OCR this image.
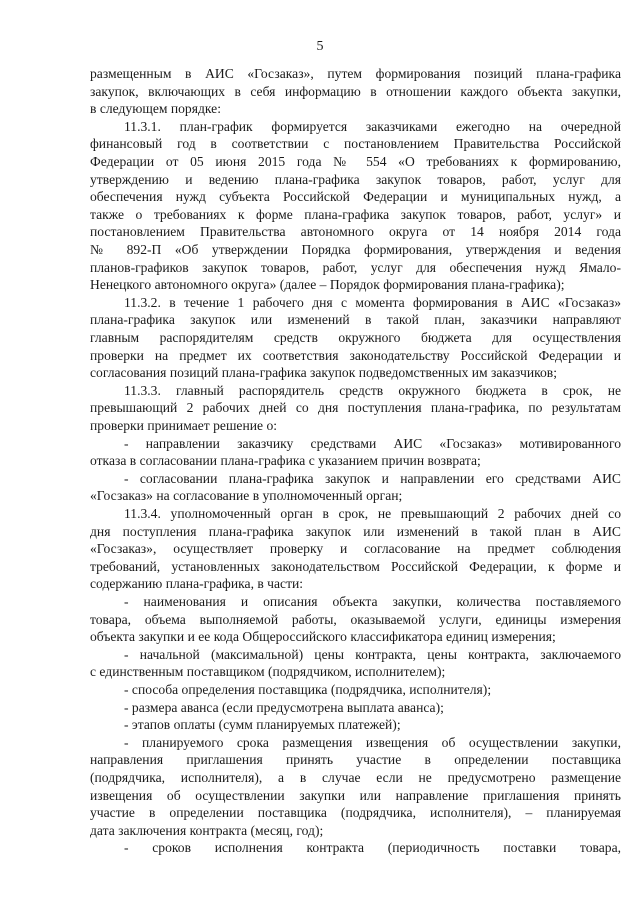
5
размещенным в АИС «Госзаказ», путем формирования позиций плана-графика
закупок, включающих в себя информацию в отношении каждого объекта закупки,
в следующем порядке:
11.3.1. план-график формируется заказчиками ежегодно на очередной
финансовый год в соответствии с постановлением Правительства Российской
Федерации от 05 июня 2015 года № 554 «О требованиях к формированию,
утверждению и ведению плана-графика закупок товаров, работ, услуг для
обеспечения нужд субъекта Российской Федерации и муниципальных нужд, а
также о требованиях к форме плана-графика закупок товаров, работ, услуг» и
постановлением Правительства автономного округа от 14 ноября 2014 года
№ 892-П «Об утверждении Порядка формирования, утверждения и ведения
планов-графиков закупок товаров, работ, услуг для обеспечения нужд Ямало-
Ненецкого автономного округа» (далее – Порядок формирования плана-графика);
11.3.2. в течение 1 рабочего дня с момента формирования в АИС «Госзаказ»
плана-графика закупок или изменений в такой план, заказчики направляют
главным распорядителям средств окружного бюджета для осуществления
проверки на предмет их соответствия законодательству Российской Федерации и
согласования позиций плана-графика закупок подведомственных им заказчиков;
11.3.3. главный распорядитель средств окружного бюджета в срок, не
превышающий 2 рабочих дней со дня поступления плана-графика, по результатам
проверки принимает решение о:
- направлении заказчику средствами АИС «Госзаказ» мотивированного
отказа в согласовании плана-графика с указанием причин возврата;
- согласовании плана-графика закупок и направлении его средствами АИС
«Госзаказ» на согласование в уполномоченный орган;
11.3.4. уполномоченный орган в срок, не превышающий 2 рабочих дней со
дня поступления плана-графика закупок или изменений в такой план в АИС
«Госзаказ», осуществляет проверку и согласование на предмет соблюдения
требований, установленных законодательством Российской Федерации, к форме и
содержанию плана-графика, в части:
- наименования и описания объекта закупки, количества поставляемого
товара, объема выполняемой работы, оказываемой услуги, единицы измерения
объекта закупки и ее кода Общероссийского классификатора единиц измерения;
- начальной (максимальной) цены контракта, цены контракта, заключаемого
с единственным поставщиком (подрядчиком, исполнителем);
- способа определения поставщика (подрядчика, исполнителя);
- размера аванса (если предусмотрена выплата аванса);
- этапов оплаты (сумм планируемых платежей);
- планируемого срока размещения извещения об осуществлении закупки,
направления приглашения принять участие в определении поставщика
(подрядчика, исполнителя), а в случае если не предусмотрено размещение
извещения об осуществлении закупки или направление приглашения принять
участие в определении поставщика (подрядчика, исполнителя), – планируемая
дата заключения контракта (месяц, год);
- сроков исполнения контракта (периодичность поставки товара,
